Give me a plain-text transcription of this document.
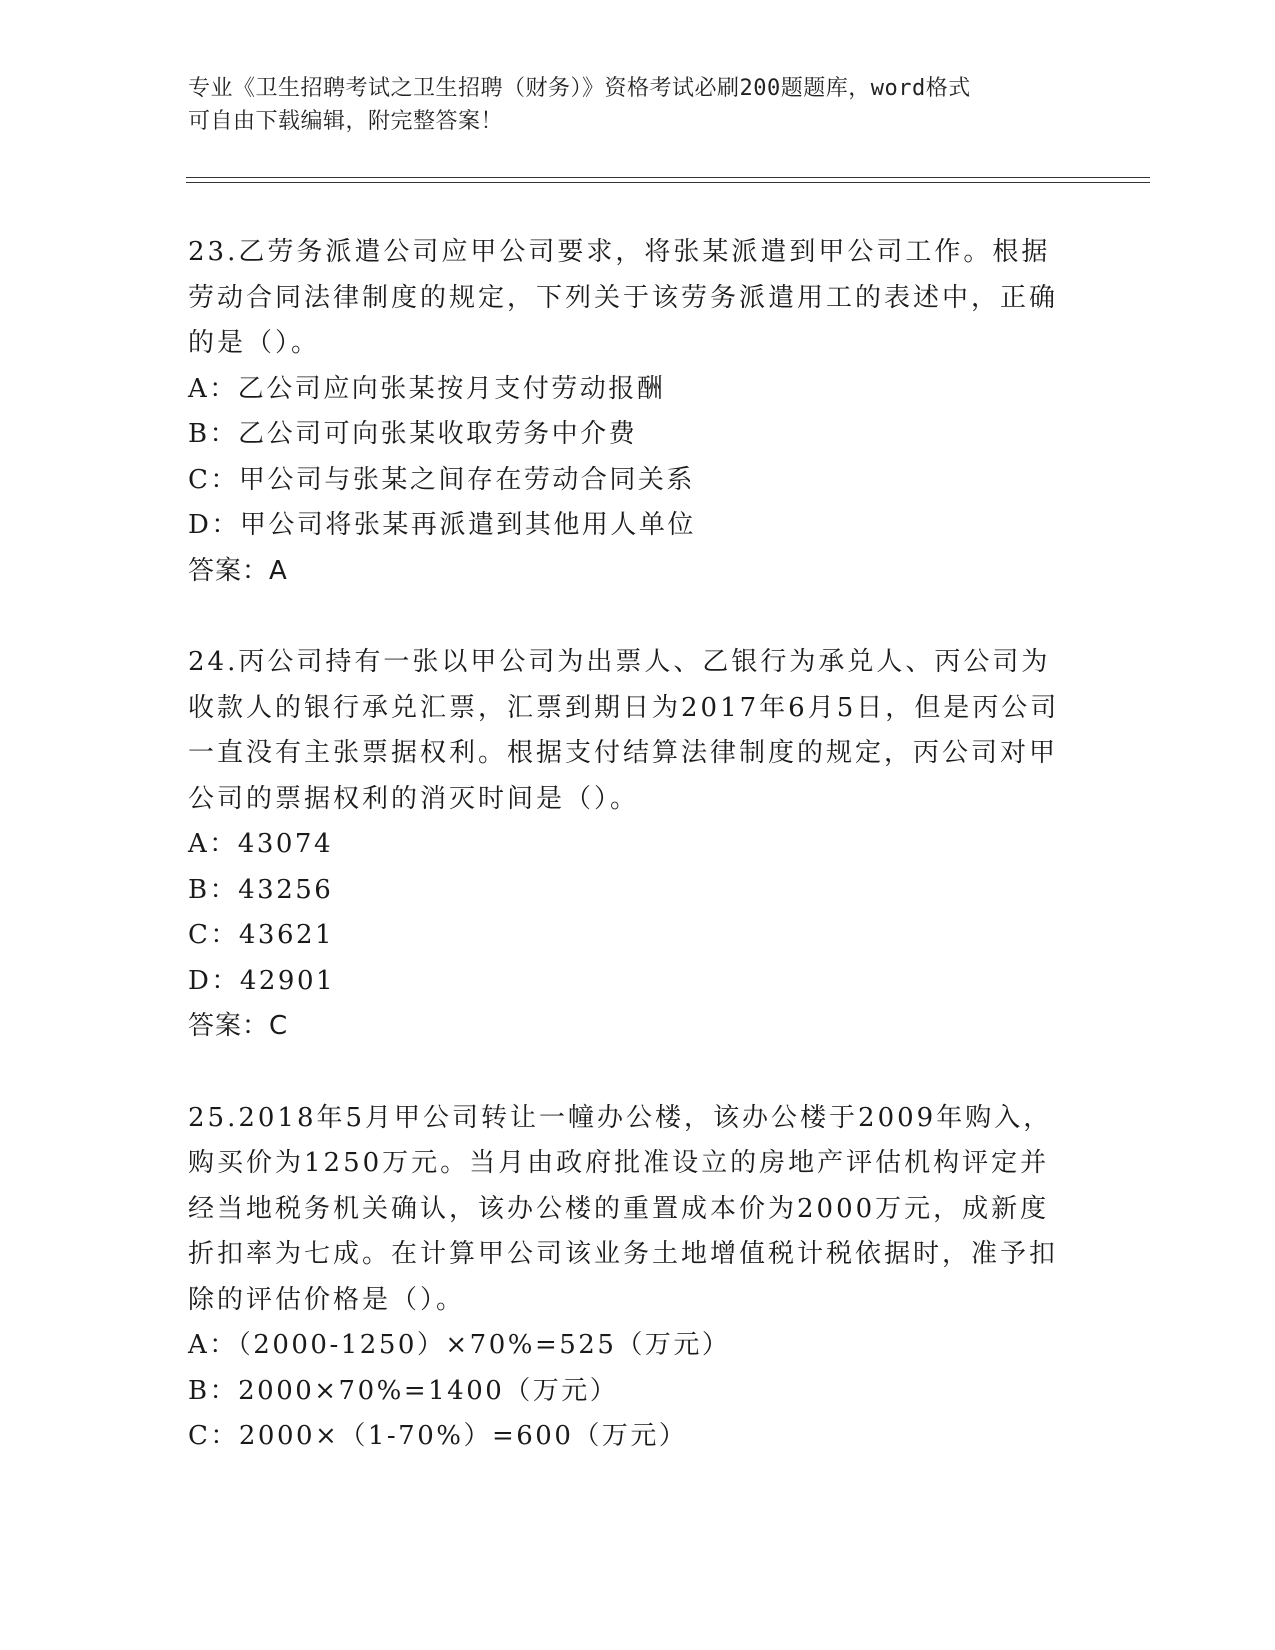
专业《卫生招聘考试之卫生招聘（财务）》资格考试必刷200题题库，word格式
可自由下载编辑，附完整答案！

23.乙劳务派遣公司应甲公司要求，将张某派遣到甲公司工作。根据劳动合同法律制度的规定，下列关于该劳务派遣用工的表述中，正确的是（）。

A：乙公司应向张某按月支付劳动报酬

B：乙公司可向张某收取劳务中介费

C：甲公司与张某之间存在劳动合同关系

D：甲公司将张某再派遣到其他用人单位

答案：A

24.丙公司持有一张以甲公司为出票人、乙银行为承兑人、丙公司为收款人的银行承兑汇票，汇票到期日为2017年6月5日，但是丙公司一直没有主张票据权利。根据支付结算法律制度的规定，丙公司对甲公司的票据权利的消灭时间是（）。

A：43074

B：43256

C：43621

D：42901

答案：C

25.2018年5月甲公司转让一幢办公楼，该办公楼于2009年购入，购买价为1250万元。当月由政府批准设立的房地产评估机构评定并经当地税务机关确认，该办公楼的重置成本价为2000万元，成新度折扣率为七成。在计算甲公司该业务土地增值税计税依据时，准予扣除的评估价格是（）。

A：（2000-1250）×70%=525（万元）

B：2000×70%=1400（万元）

C：2000×（1-70%）=600（万元）
